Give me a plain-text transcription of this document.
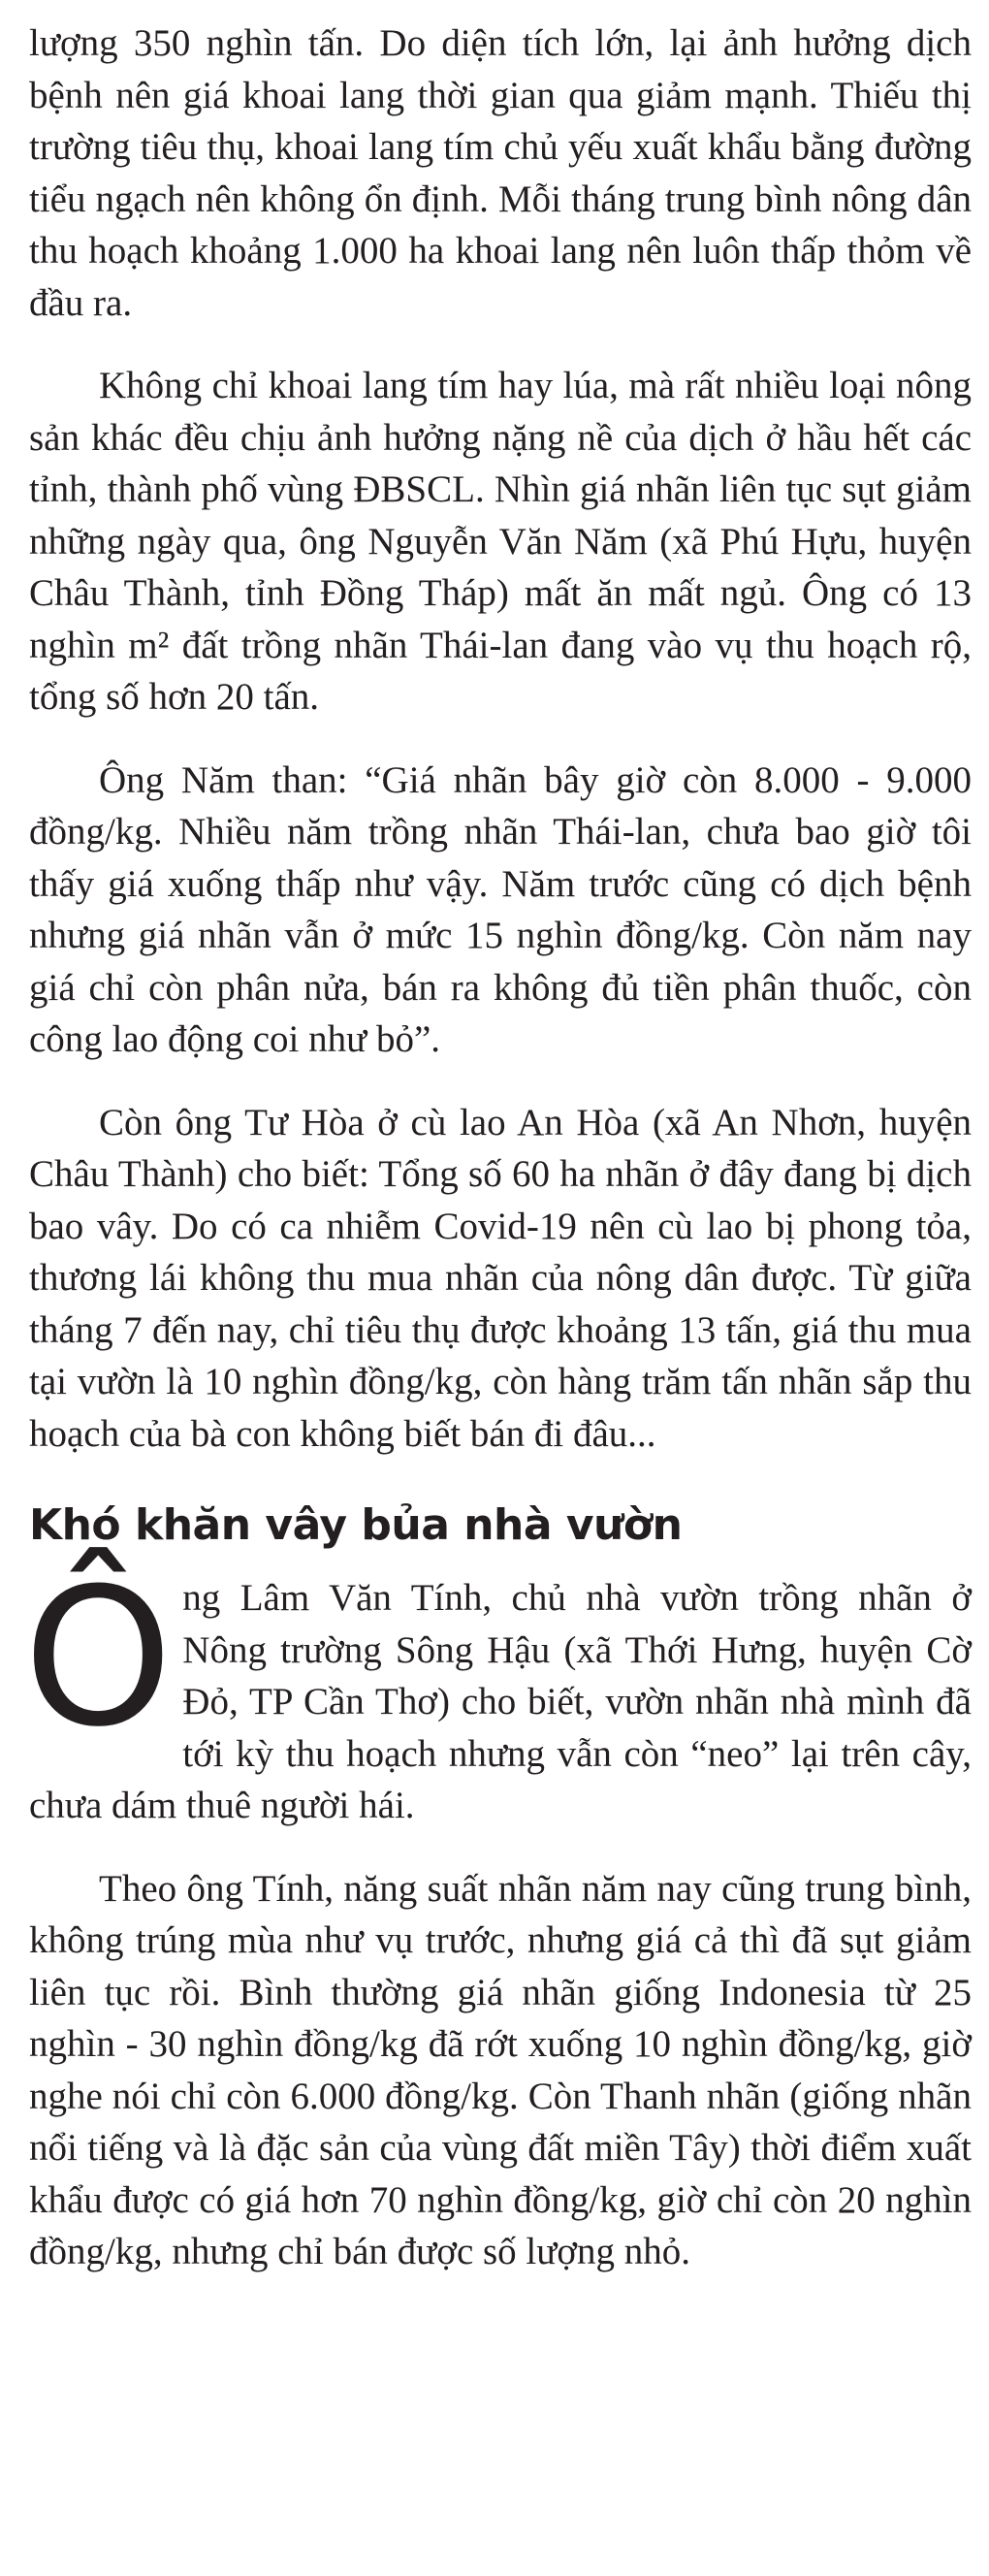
lượng 350 nghìn tấn. Do diện tích lớn, lại ảnh hưởng dịch bệnh nên giá khoai lang thời gian qua giảm mạnh. Thiếu thị trường tiêu thụ, khoai lang tím chủ yếu xuất khẩu bằng đường tiểu ngạch nên không ổn định. Mỗi tháng trung bình nông dân thu hoạch khoảng 1.000 ha khoai lang nên luôn thấp thỏm về đầu ra.

Không chỉ khoai lang tím hay lúa, mà rất nhiều loại nông sản khác đều chịu ảnh hưởng nặng nề của dịch ở hầu hết các tỉnh, thành phố vùng ĐBSCL. Nhìn giá nhãn liên tục sụt giảm những ngày qua, ông Nguyễn Văn Năm (xã Phú Hựu, huyện Châu Thành, tỉnh Đồng Tháp) mất ăn mất ngủ. Ông có 13 nghìn m² đất trồng nhãn Thái-lan đang vào vụ thu hoạch rộ, tổng số hơn 20 tấn.

Ông Năm than: “Giá nhãn bây giờ còn 8.000 - 9.000 đồng/kg. Nhiều năm trồng nhãn Thái-lan, chưa bao giờ tôi thấy giá xuống thấp như vậy. Năm trước cũng có dịch bệnh nhưng giá nhãn vẫn ở mức 15 nghìn đồng/kg. Còn năm nay giá chỉ còn phân nửa, bán ra không đủ tiền phân thuốc, còn công lao động coi như bỏ”.

Còn ông Tư Hòa ở cù lao An Hòa (xã An Nhơn, huyện Châu Thành) cho biết: Tổng số 60 ha nhãn ở đây đang bị dịch bao vây. Do có ca nhiễm Covid-19 nên cù lao bị phong tỏa, thương lái không thu mua nhãn của nông dân được. Từ giữa tháng 7 đến nay, chỉ tiêu thụ được khoảng 13 tấn, giá thu mua tại vườn là 10 nghìn đồng/kg, còn hàng trăm tấn nhãn sắp thu hoạch của bà con không biết bán đi đâu...

Khó khăn vây bủa nhà vườn

Ông Lâm Văn Tính, chủ nhà vườn trồng nhãn ở Nông trường Sông Hậu (xã Thới Hưng, huyện Cờ Đỏ, TP Cần Thơ) cho biết, vườn nhãn nhà mình đã tới kỳ thu hoạch nhưng vẫn còn “neo” lại trên cây, chưa dám thuê người hái.

Theo ông Tính, năng suất nhãn năm nay cũng trung bình, không trúng mùa như vụ trước, nhưng giá cả thì đã sụt giảm liên tục rồi. Bình thường giá nhãn giống Indonesia từ 25 nghìn - 30 nghìn đồng/kg đã rớt xuống 10 nghìn đồng/kg, giờ nghe nói chỉ còn 6.000 đồng/kg. Còn Thanh nhãn (giống nhãn nổi tiếng và là đặc sản của vùng đất miền Tây) thời điểm xuất khẩu được có giá hơn 70 nghìn đồng/kg, giờ chỉ còn 20 nghìn đồng/kg, nhưng chỉ bán được số lượng nhỏ.
